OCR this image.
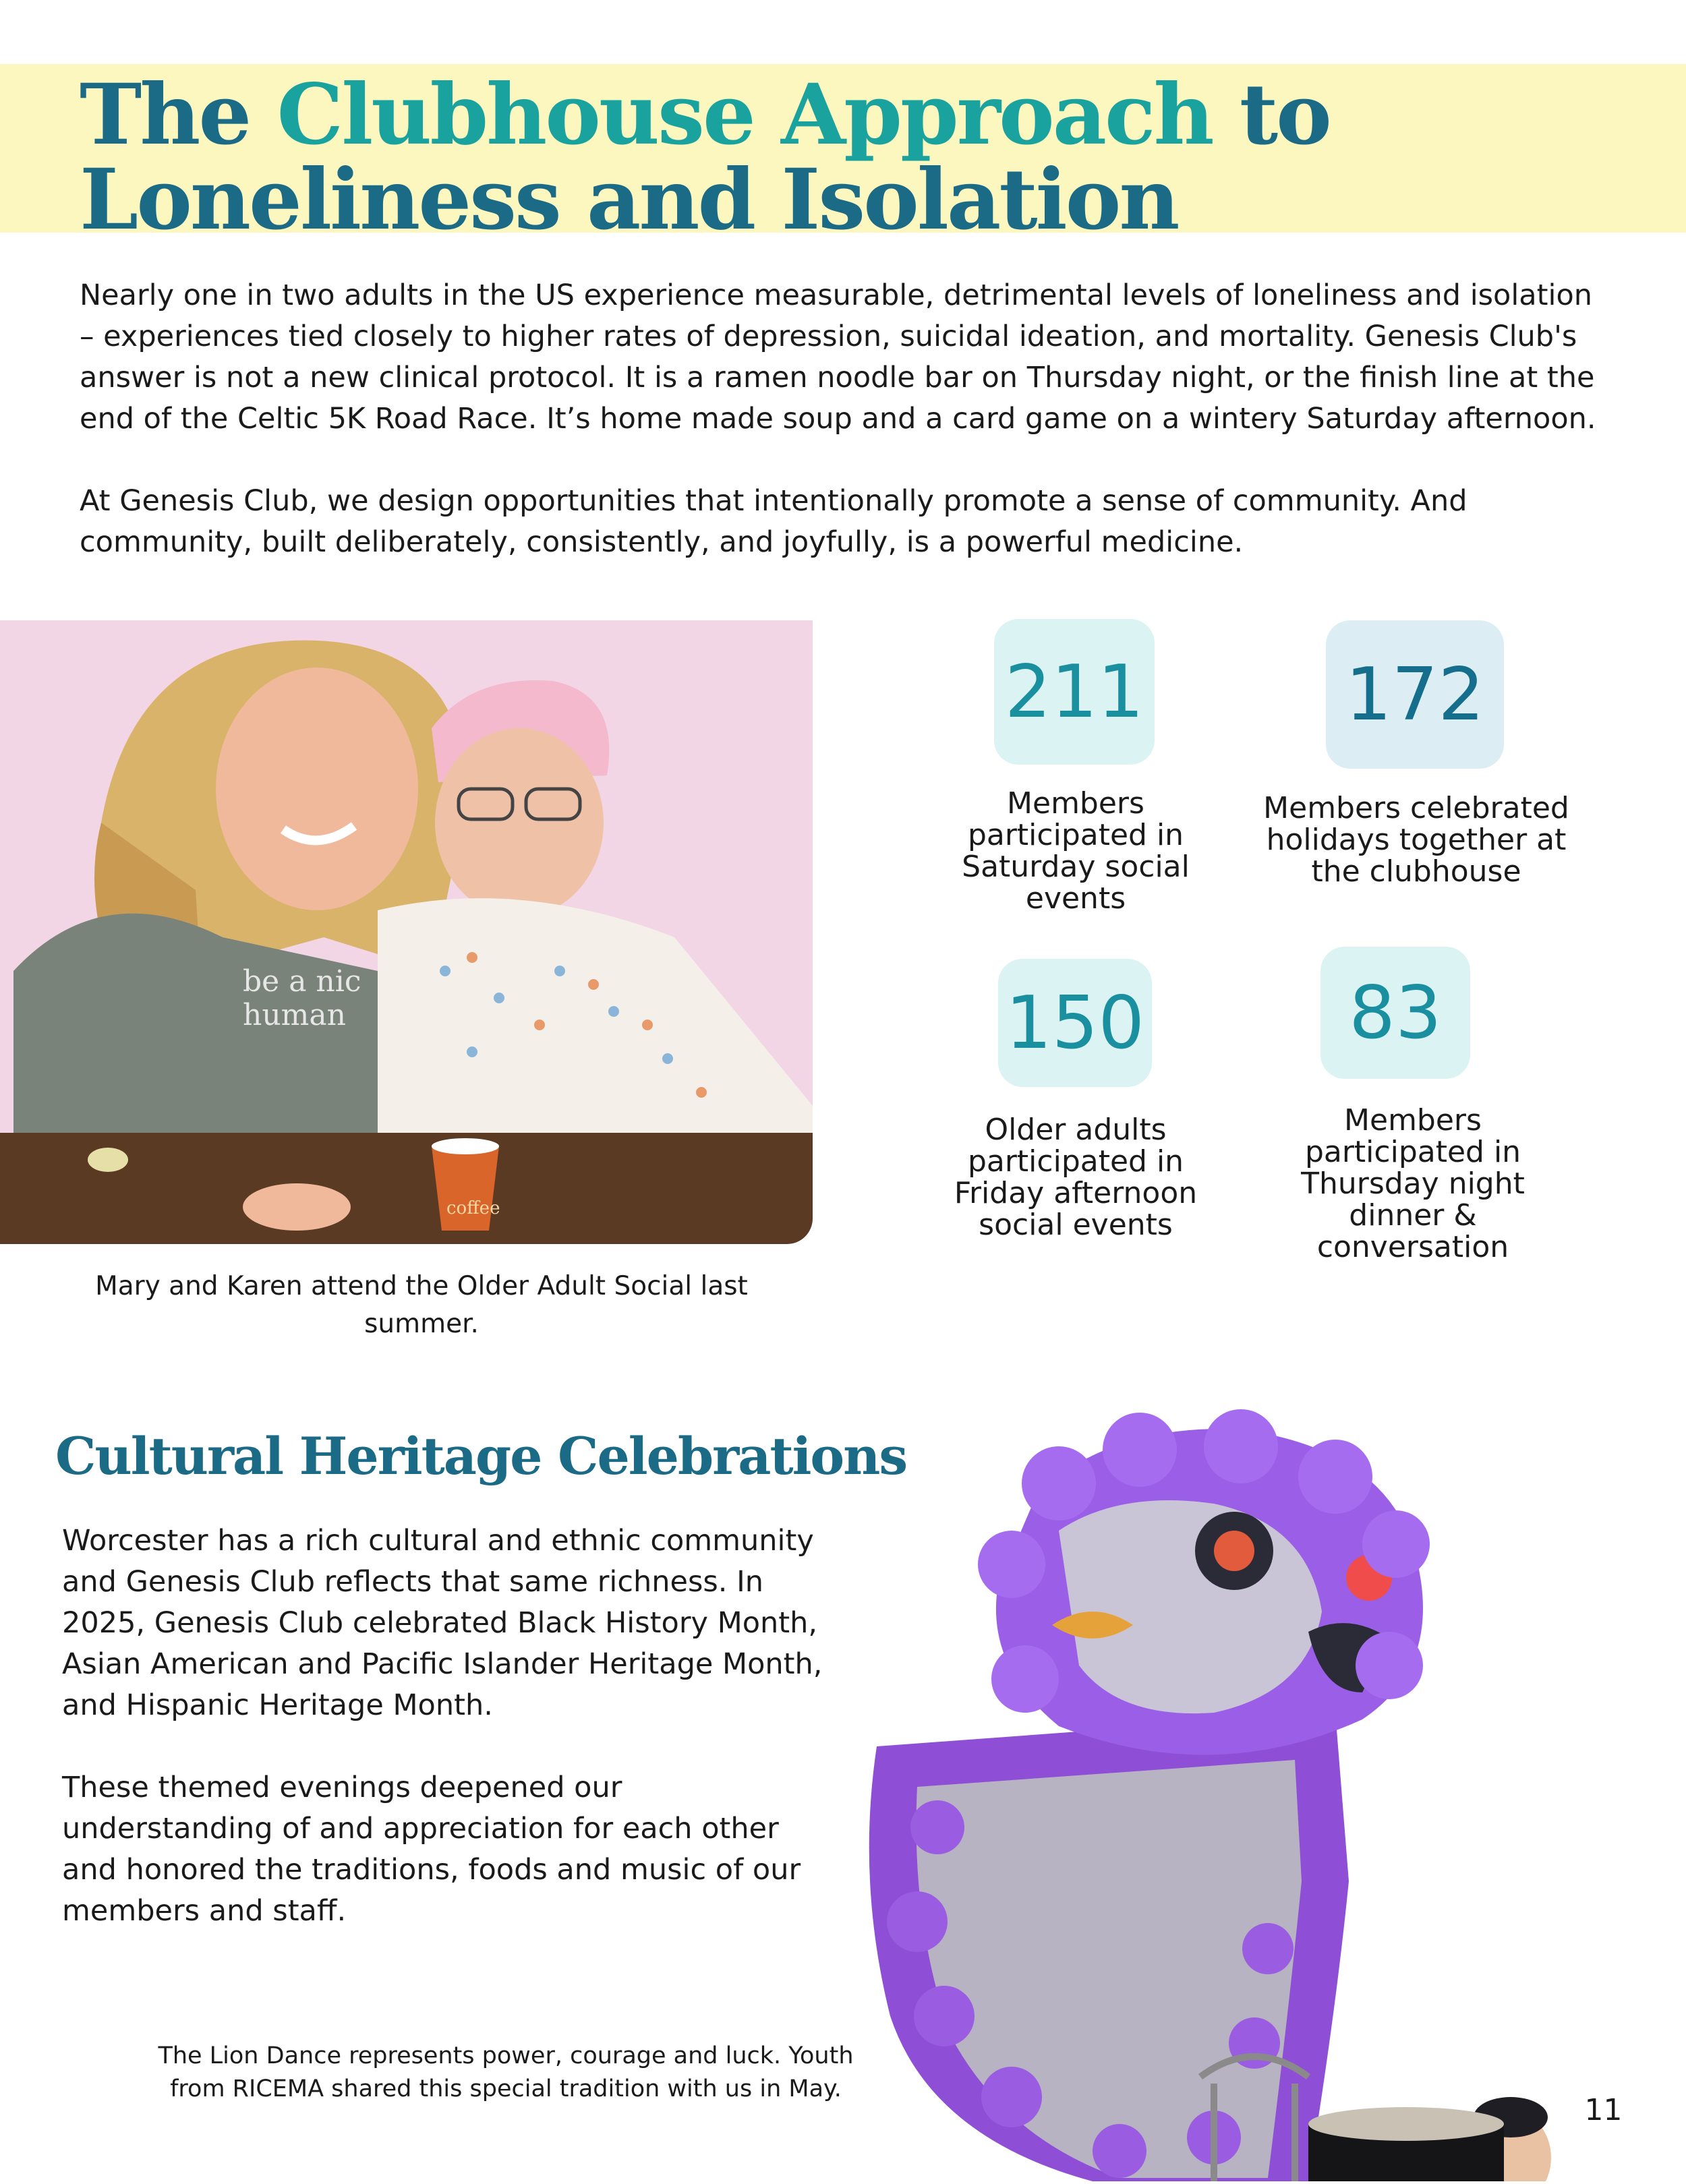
The Clubhouse Approach to Loneliness and Isolation

Nearly one in two adults in the US experience measurable, detrimental levels of loneliness and isolation – experiences tied closely to higher rates of depression, suicidal ideation, and mortality. Genesis Club's answer is not a new clinical protocol. It is a ramen noodle bar on Thursday night, or the finish line at the end of the Celtic 5K Road Race. It’s home made soup and a card game on a wintery Saturday afternoon.

At Genesis Club, we design opportunities that intentionally promote a sense of community. And community, built deliberately, consistently, and joyfully, is a powerful medicine.

be a nic
human
coffee
Mary and Karen attend the Older Adult Social last summer.
211
Members participated in Saturday social events
172
Members celebrated holidays together at the clubhouse
150
Older adults participated in Friday afternoon social events
83
Members participated in Thursday night dinner & conversation
Cultural Heritage Celebrations

Worcester has a rich cultural and ethnic community and Genesis Club reflects that same richness. In 2025, Genesis Club celebrated Black History Month, Asian American and Pacific Islander Heritage Month, and Hispanic Heritage Month.

These themed evenings deepened our understanding of and appreciation for each other and honored the traditions, foods and music of our members and staff.

The Lion Dance represents power, courage and luck. Youth from RICEMA shared this special tradition with us in May.
11
